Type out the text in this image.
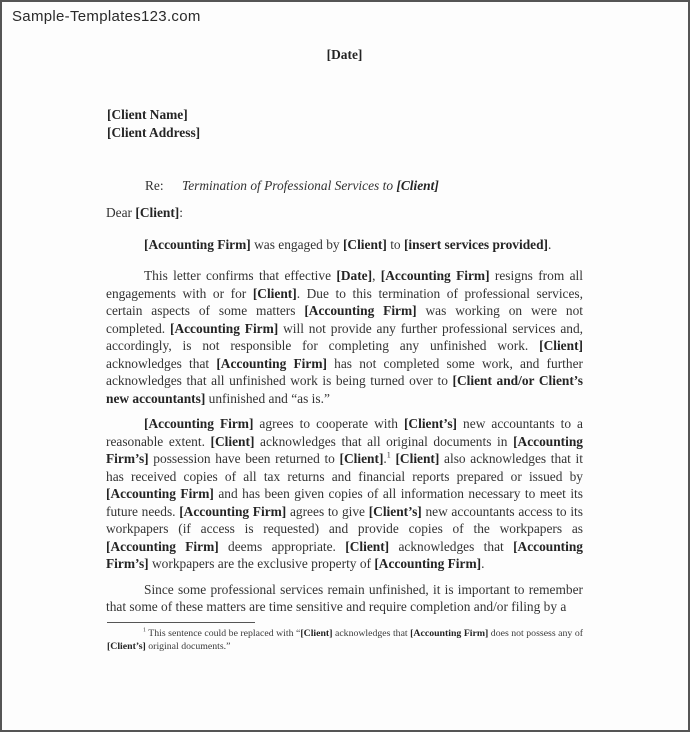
Sample-Templates123.com
[Date]
[Client Name]
[Client Address]
Re: Termination of Professional Services to [Client]
Dear [Client]:

[Accounting Firm] was engaged by [Client] to [insert services provided].

This letter confirms that effective [Date], [Accounting Firm] resigns from all engagements with or for [Client]. Due to this termination of professional services, certain aspects of some matters [Accounting Firm] was working on were not completed. [Accounting Firm] will not provide any further professional services and, accordingly, is not responsible for completing any unfinished work. [Client] acknowledges that [Accounting Firm] has not completed some work, and further acknowledges that all unfinished work is being turned over to [Client and/or Client’s new accountants] unfinished and “as is.”

[Accounting Firm] agrees to cooperate with [Client’s] new accountants to a reasonable extent. [Client] acknowledges that all original documents in [Accounting Firm’s] possession have been returned to [Client].$^1$ [Client] also acknowledges that it has received copies of all tax returns and financial reports prepared or issued by [Accounting Firm] and has been given copies of all information necessary to meet its future needs. [Accounting Firm] agrees to give [Client’s] new accountants access to its workpapers (if access is requested) and provide copies of the workpapers as [Accounting Firm] deems appropriate. [Client] acknowledges that [Accounting Firm’s] workpapers are the exclusive property of [Accounting Firm].

Since some professional services remain unfinished, it is important to remember that some of these matters are time sensitive and require completion and/or filing by a

$^1$ This sentence could be replaced with “[Client] acknowledges that [Accounting Firm] does not possess any of [Client’s] original documents.”
